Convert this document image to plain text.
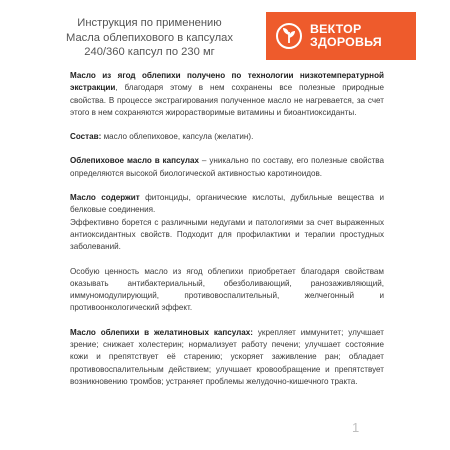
Инструкция по применению
Масла облепихового в капсулах
240/360 капсул по 230 мг
ВЕКТОР
ЗДОРОВЬЯ

Масло из ягод облепихи получено по технологии низкотемпературной экстракции, благодаря этому в нем сохранены все полезные природные свойства. В процессе экстрагирования полученное масло не нагревается, за счет этого в нем сохраняются жирорастворимые витамины и биоантиоксиданты.

Состав: масло облепиховое, капсула (желатин).

Облепиховое масло в капсулах – уникально по составу, его полезные свойства определяются высокой биологической активностью каротиноидов.

Масло содержит фитонциды, органические кислоты, дубильные вещества и белковые соединения.
Эффективно борется с различными недугами и патологиями за счет выраженных антиоксидантных свойств. Подходит для профилактики и терапии простудных заболеваний.

Особую ценность масло из ягод облепихи приобретает благодаря свойствам оказывать антибактериальный, обезболивающий, ранозаживляющий, иммуномодулирующий, противовоспалительный, желчегонный и противоонкологический эффект.

Масло облепихи в желатиновых капсулах: укрепляет иммунитет; улучшает зрение; снижает холестерин; нормализует работу печени; улучшает состояние кожи и препятствует её старению; ускоряет заживление ран; обладает противовоспалительным действием; улучшает кровообращение и препятствует возникновению тромбов; устраняет проблемы желудочно-кишечного тракта.

1
